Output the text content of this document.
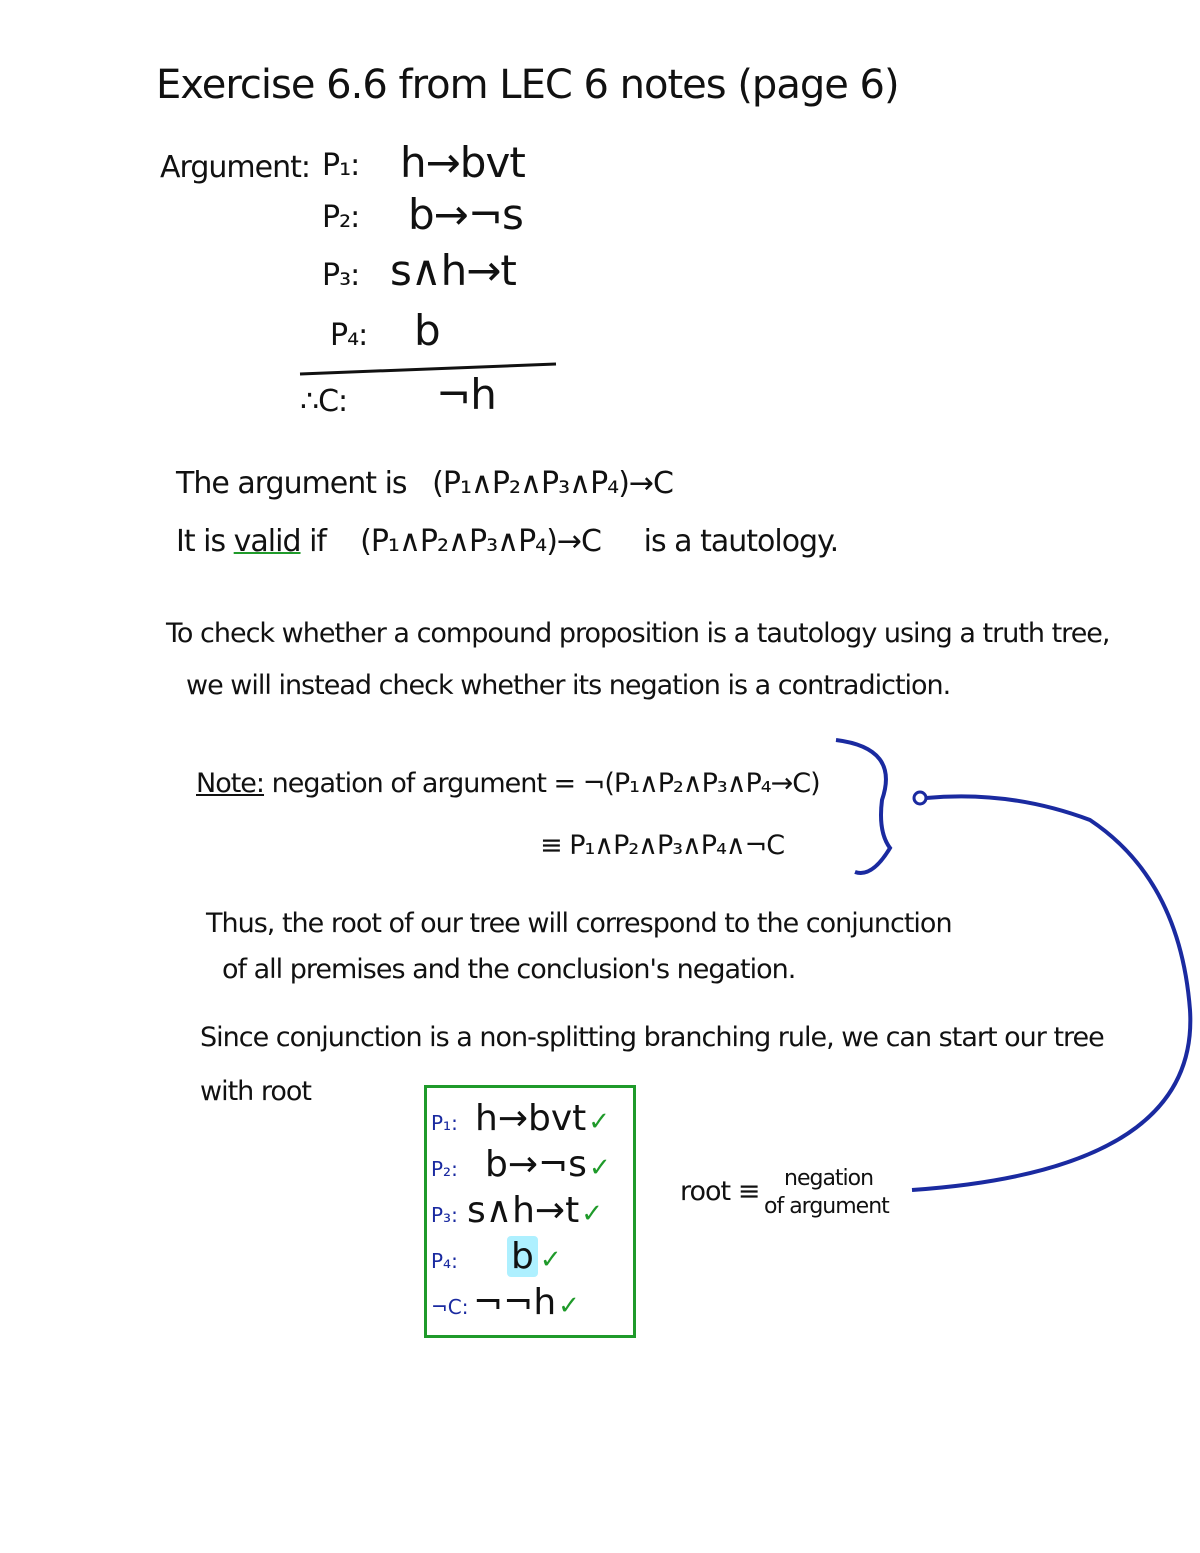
Exercise 6.6 from LEC 6 notes (page 6)
Argument: P₁: h→bvt
P₂: b→¬s
P₃: s∧h→t
P₄: b
∴C: ¬h
The argument is (P₁∧P₂∧P₃∧P₄)→C
It is valid if (P₁∧P₂∧P₃∧P₄)→C is a tautology.
To check whether a compound proposition is a tautology using a truth tree,
we will instead check whether its negation is a contradiction.
Note: negation of argument = ¬(P₁∧P₂∧P₃∧P₄→C)
≡ P₁∧P₂∧P₃∧P₄∧¬C
Thus, the root of our tree will correspond to the conjunction
of all premises and the conclusion's negation.
Since conjunction is a non-splitting branching rule, we can start our tree
with root
P₁: h→bvt ✓
P₂: b→¬s ✓
P₃: s∧h→t ✓
P₄: b ✓
¬C: ¬¬h ✓
root ≡ negation
of argument
